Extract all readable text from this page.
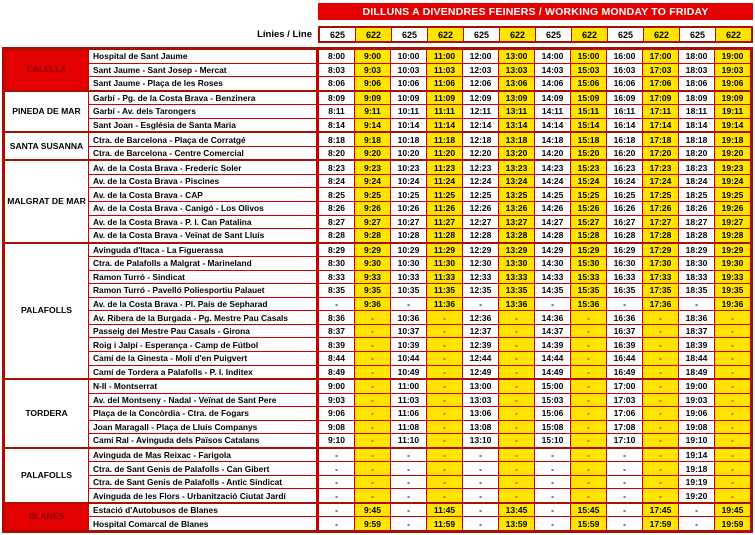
DILLUNS A DIVENDRES FEINERS / WORKING MONDAY TO FRIDAY
Línies / Line	625	622	625	622	625	622	625	622	625	622	625	622
CALELLA
Hospital de Sant Jaume	8:00	9:00	10:00	11:00	12:00	13:00	14:00	15:00	16:00	17:00	18:00	19:00
Sant Jaume - Sant Josep - Mercat	8:03	9:03	10:03	11:03	12:03	13:03	14:03	15:03	16:03	17:03	18:03	19:03
Sant Jaume - Plaça de les Roses	8:06	9:06	10:06	11:06	12:06	13:06	14:06	15:06	16:06	17:06	18:06	19:06
PINEDA DE MAR
Garbí - Pg. de la Costa Brava - Benzinera	8:09	9:09	10:09	11:09	12:09	13:09	14:09	15:09	16:09	17:09	18:09	19:09
Garbí - Av. dels Tarongers	8:11	9:11	10:11	11:11	12:11	13:11	14:11	15:11	16:11	17:11	18:11	19:11
Sant Joan - Església de Santa Maria	8:14	9:14	10:14	11:14	12:14	13:14	14:14	15:14	16:14	17:14	18:14	19:14
SANTA SUSANNA
Ctra. de Barcelona - Plaça de Corratgé	8:18	9:18	10:18	11:18	12:18	13:18	14:18	15:18	16:18	17:18	18:18	19:18
Ctra. de Barcelona - Centre Comercial	8:20	9:20	10:20	11:20	12:20	13:20	14:20	15:20	16:20	17:20	18:20	19:20
MALGRAT DE MAR
Av. de la Costa Brava - Frederic Soler	8:23	9:23	10:23	11:23	12:23	13:23	14:23	15:23	16:23	17:23	18:23	19:23
Av. de la Costa Brava - Piscines	8:24	9:24	10:24	11:24	12:24	13:24	14:24	15:24	16:24	17:24	18:24	19:24
Av. de la Costa Brava - CAP	8:25	9:25	10:25	11:25	12:25	13:25	14:25	15:25	16:25	17:25	18:25	19:25
Av. de la Costa Brava - Canigó - Los Olivos	8:26	9:26	10:26	11:26	12:26	13:26	14:26	15:26	16:26	17:26	18:26	19:26
Av. de la Costa Brava - P. I. Can Patalina	8:27	9:27	10:27	11:27	12:27	13:27	14:27	15:27	16:27	17:27	18:27	19:27
Av. de la Costa Brava - Veïnat de Sant Lluís	8:28	9:28	10:28	11:28	12:28	13:28	14:28	15:28	16:28	17:28	18:28	19:28
PALAFOLLS
Avinguda d'Itaca - La Figuerassa	8:29	9:29	10:29	11:29	12:29	13:29	14:29	15:29	16:29	17:29	18:29	19:29
Ctra. de Palafolls a Malgrat - Marineland	8:30	9:30	10:30	11:30	12:30	13:30	14:30	15:30	16:30	17:30	18:30	19:30
Ramon Turró - Sindicat	8:33	9:33	10:33	11:33	12:33	13:33	14:33	15:33	16:33	17:33	18:33	19:33
Ramon Turró - Pavelló Poliesportiu Palauet	8:35	9:35	10:35	11:35	12:35	13:35	14:35	15:35	16:35	17:35	18:35	19:35
Av. de la Costa Brava - Pl. País de Sepharad	-	9:36	-	11:36	-	13:36	-	15:36	-	17:36	-	19:36
Av. Ribera de la Burgada - Pg. Mestre Pau Casals	8:36	-	10:36	-	12:36	-	14:36	-	16:36	-	18:36	-
Passeig del Mestre Pau Casals - Girona	8:37	-	10:37	-	12:37	-	14:37	-	16:37	-	18:37	-
Roig i Jalpí - Esperança - Camp de Fútbol	8:39	-	10:39	-	12:39	-	14:39	-	16:39	-	18:39	-
Camí de la Ginesta - Molí d'en Puigvert	8:44	-	10:44	-	12:44	-	14:44	-	16:44	-	18:44	-
Camí de Tordera a Palafolls - P. I. Inditex	8:49	-	10:49	-	12:49	-	14:49	-	16:49	-	18:49	-
TORDERA
N-II - Montserrat	9:00	-	11:00	-	13:00	-	15:00	-	17:00	-	19:00	-
Av. del Montseny - Nadal - Veïnat de Sant Pere	9:03	-	11:03	-	13:03	-	15:03	-	17:03	-	19:03	-
Plaça de la Concòrdia - Ctra. de Fogars	9:06	-	11:06	-	13:06	-	15:06	-	17:06	-	19:06	-
Joan Maragall - Plaça de Lluís Companys	9:08	-	11:08	-	13:08	-	15:08	-	17:08	-	19:08	-
Camí Ral - Avinguda dels Països Catalans	9:10	-	11:10	-	13:10	-	15:10	-	17:10	-	19:10	-
PALAFOLLS
Avinguda de Mas Reixac - Farigola	-	-	-	-	-	-	-	-	-	-	19:14	-
Ctra. de Sant Genis de Palafolls - Can Gibert	-	-	-	-	-	-	-	-	-	-	19:18	-
Ctra. de Sant Genis de Palafolls - Antic Sindicat	-	-	-	-	-	-	-	-	-	-	19:19	-
Avinguda de les Flors - Urbanització Ciutat Jardí	-	-	-	-	-	-	-	-	-	-	19:20	-
BLANES
Estació d'Autobusos de Blanes	-	9:45	-	11:45	-	13:45	-	15:45	-	17:45	-	19:45
Hospital Comarcal de Blanes	-	9:59	-	11:59	-	13:59	-	15:59	-	17:59	-	19:59
